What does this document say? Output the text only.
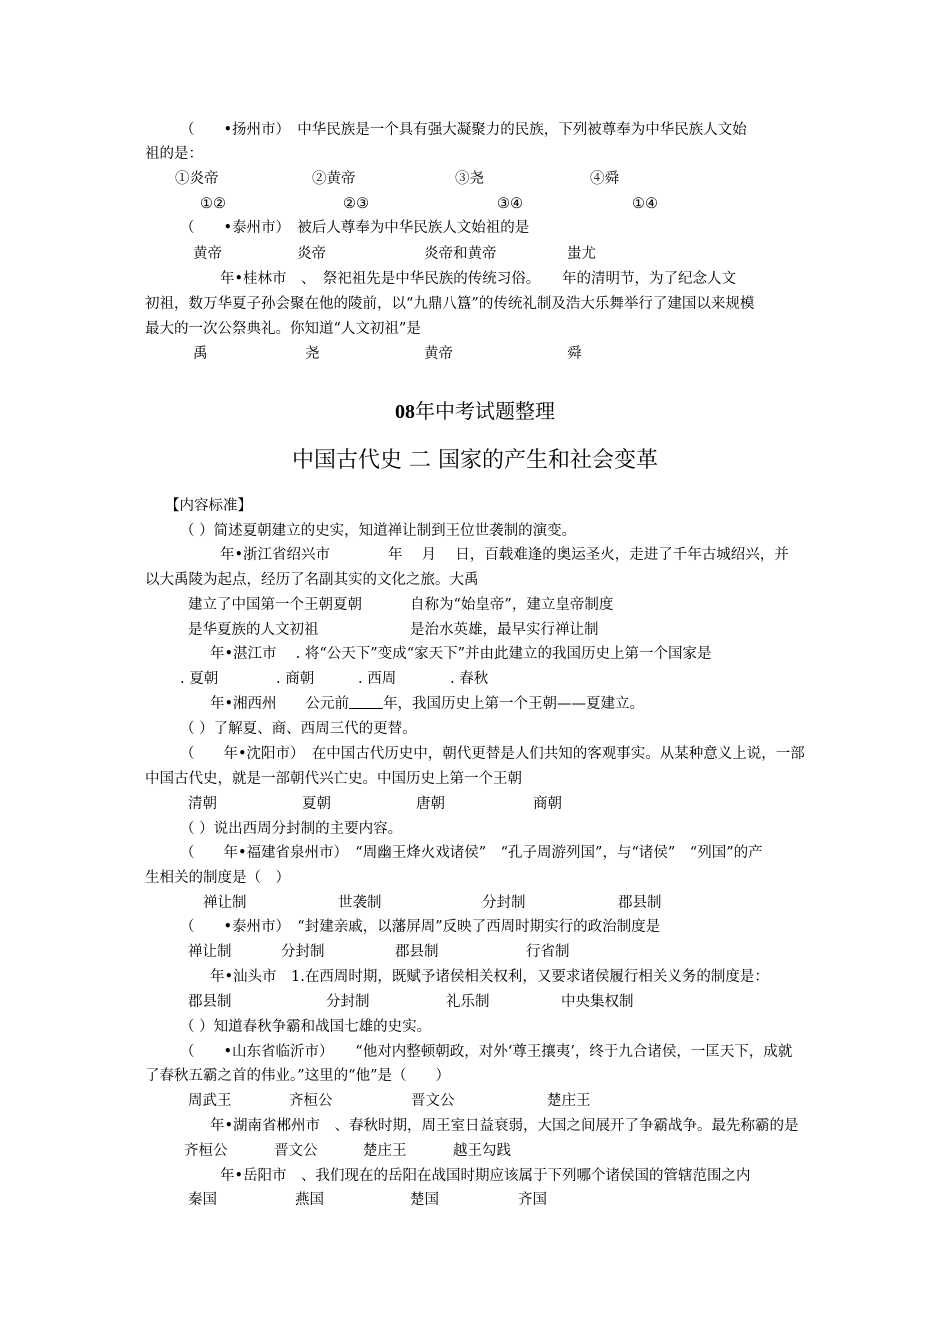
（　　•扬州市）　中华民族是一个具有强大凝聚力的民族，下列被尊奉为中华民族人文始
祖的是：
①炎帝	②黄帝	③尧	④舜
①②	②③	③④	①④
（　　•泰州市）　被后人尊奉为中华民族人文始祖的是
黄帝	炎帝	炎帝和黄帝	蚩尤
年•桂林市　、　祭祀祖先是中华民族的传统习俗。　　年的清明节，为了纪念人文
初祖，数万华夏子孙会聚在他的陵前，以“九鼎八簋”的传统礼制及浩大乐舞举行了建国以来规模
最大的一次公祭典礼。你知道“人文初祖”是
禹	尧	黄帝	舜
08年中考试题整理
中国古代史 二 国家的产生和社会变革
【内容标准】
（ ）简述夏朝建立的史实，知道禅让制到王位世袭制的演变。
年•浙江省绍兴市　　　　年　 月　 日，百载难逢的奥运圣火，走进了千年古城绍兴，并
以大禹陵为起点，经历了名副其实的文化之旅。大禹
建立了中国第一个王朝夏朝	自称为“始皇帝”，建立皇帝制度
是华夏族的人文初祖	是治水英雄，最早实行禅让制
年•湛江市　 . 将“公天下”变成“家天下”并由此建立的我国历史上第一个国家是
. 夏朝	. 商朝	. 西周	. 春秋
年•湘西州　　公元前 年，我国历史上第一个王朝——夏建立。
（ ）了解夏、商、西周三代的更替。
（　　年•沈阳市）　在中国古代历史中，朝代更替是人们共知的客观事实。从某种意义上说，一部
中国古代史，就是一部朝代兴亡史。中国历史上第一个王朝
清朝	夏朝	唐朝	商朝
（ ）说出西周分封制的主要内容。
（　　年•福建省泉州市）　“周幽王烽火戏诸侯”　“孔子周游列国”，与“诸侯”　“列国”的产
生相关的制度是（　）
禅让制	世袭制	分封制	郡县制
（　　•泰州市）　“封建亲戚，以藩屏周”反映了西周时期实行的政治制度是
禅让制	分封制	郡县制	行省制
年•汕头市　1.在西周时期，既赋予诸侯相关权利，又要求诸侯履行相关义务的制度是：
郡县制	分封制	礼乐制	中央集权制
（ ）知道春秋争霸和战国七雄的史实。
（　　•山东省临沂市）　　“他对内整顿朝政，对外‘尊王攘夷’，终于九合诸侯，一匡天下，成就
了春秋五霸之首的伟业。”这里的“他”是（　　）
周武王	齐桓公	晋文公	楚庄王
年•湖南省郴州市　、春秋时期，周王室日益衰弱，大国之间展开了争霸战争。最先称霸的是
齐桓公	晋文公	楚庄王	越王勾践
年•岳阳市　、我们现在的岳阳在战国时期应该属于下列哪个诸侯国的管辖范围之内
秦国	燕国	楚国	齐国
